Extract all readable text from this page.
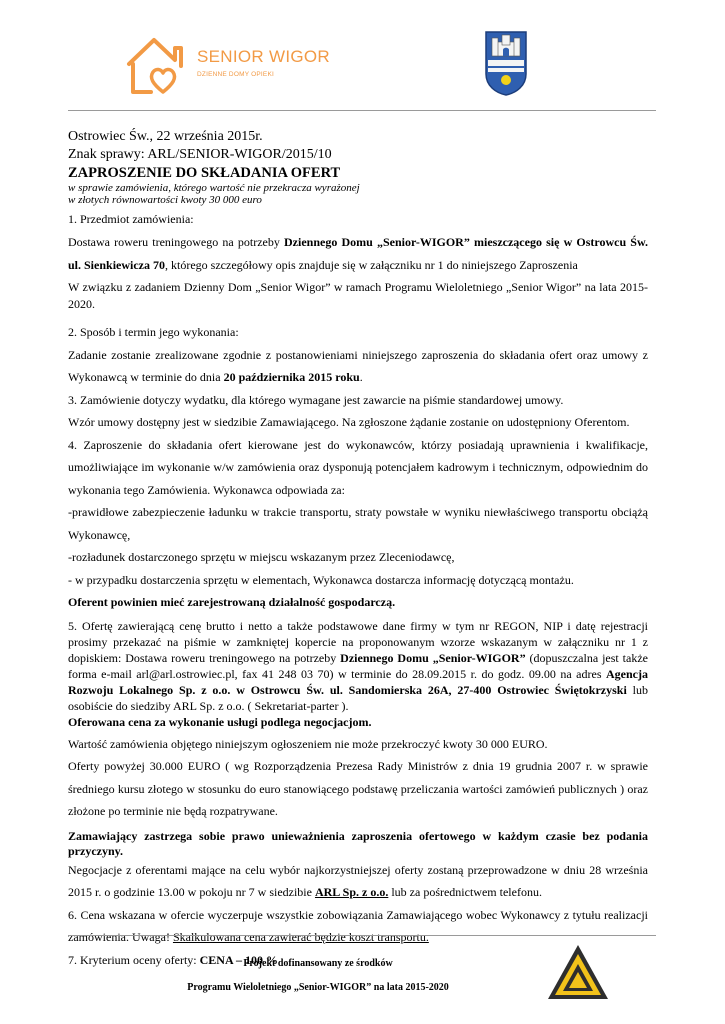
SENIOR WIGOR
DZIENNE DOMY OPIEKI

Ostrowiec Św., 22 września 2015r.

Znak sprawy: ARL/SENIOR-WIGOR/2015/10

ZAPROSZENIE DO SKŁADANIA OFERT

w sprawie zamówienia, którego wartość nie przekracza wyrażonej

w złotych równowartości kwoty 30 000 euro

1. Przedmiot zamówienia:

Dostawa roweru treningowego na potrzeby Dziennego Domu „Senior-WIGOR” mieszczącego się w Ostrowcu Św. ul. Sienkiewicza 70, którego szczegółowy opis znajduje się w załączniku nr 1 do niniejszego Zaproszenia

W związku z zadaniem Dzienny Dom „Senior Wigor” w ramach Programu Wieloletniego „Senior Wigor” na lata 2015-2020.

2. Sposób i termin jego wykonania:

Zadanie zostanie zrealizowane zgodnie z postanowieniami niniejszego zaproszenia do składania ofert oraz umowy z Wykonawcą w terminie do dnia 20 października 2015 roku.

3. Zamówienie dotyczy wydatku, dla którego wymagane jest zawarcie na piśmie standardowej umowy.

Wzór umowy dostępny jest w siedzibie Zamawiającego. Na zgłoszone żądanie zostanie on udostępniony Oferentom.

4. Zaproszenie do składania ofert kierowane jest do wykonawców, którzy posiadają uprawnienia i kwalifikacje, umożliwiające im wykonanie w/w zamówienia oraz dysponują potencjałem kadrowym i technicznym, odpowiednim do wykonania tego Zamówienia. Wykonawca odpowiada za:

-prawidłowe zabezpieczenie ładunku w trakcie transportu, straty powstałe w wyniku niewłaściwego transportu obciążą Wykonawcę,

-rozładunek dostarczonego sprzętu w miejscu wskazanym przez Zleceniodawcę,

- w przypadku dostarczenia sprzętu w elementach, Wykonawca dostarcza informację dotyczącą montażu.

Oferent powinien mieć zarejestrowaną działalność gospodarczą.

5. Ofertę zawierającą cenę brutto i netto a także podstawowe dane firmy w tym nr REGON, NIP i datę rejestracji prosimy przekazać na piśmie w zamkniętej kopercie na proponowanym wzorze wskazanym w załączniku nr 1 z dopiskiem: Dostawa roweru treningowego na potrzeby Dziennego Domu „Senior-WIGOR” (dopuszczalna jest także forma e-mail arl@arl.ostrowiec.pl, fax 41 248 03 70) w terminie do 28.09.2015 r. do godz. 09.00 na adres Agencja Rozwoju Lokalnego Sp. z o.o. w Ostrowcu Św. ul. Sandomierska 26A, 27-400 Ostrowiec Świętokrzyski lub osobiście do siedziby ARL Sp. z o.o. ( Sekretariat-parter ).

Oferowana cena za wykonanie usługi podlega negocjacjom.

Wartość zamówienia objętego niniejszym ogłoszeniem nie może przekroczyć kwoty 30 000 EURO.

Oferty powyżej 30.000 EURO ( wg Rozporządzenia Prezesa Rady Ministrów z dnia 19 grudnia 2007 r. w sprawie średniego kursu złotego w stosunku do euro stanowiącego podstawę przeliczania wartości zamówień publicznych ) oraz złożone po terminie nie będą rozpatrywane.

Zamawiający zastrzega sobie prawo unieważnienia zaproszenia ofertowego w każdym czasie bez podania przyczyny.

Negocjacje z oferentami mające na celu wybór najkorzystniejszej oferty zostaną przeprowadzone w dniu 28 września 2015 r. o godzinie 13.00 w pokoju nr 7 w siedzibie ARL Sp. z o.o. lub za pośrednictwem telefonu.

6. Cena wskazana w ofercie wyczerpuje wszystkie zobowiązania Zamawiającego wobec Wykonawcy z tytułu realizacji zamówienia. Uwaga! Skalkulowana cena zawierać będzie koszt transportu.

7. Kryterium oceny oferty: CENA – 100 %

Projekt dofinansowany ze środków
Programu Wieloletniego „Senior-WIGOR” na lata 2015-2020
